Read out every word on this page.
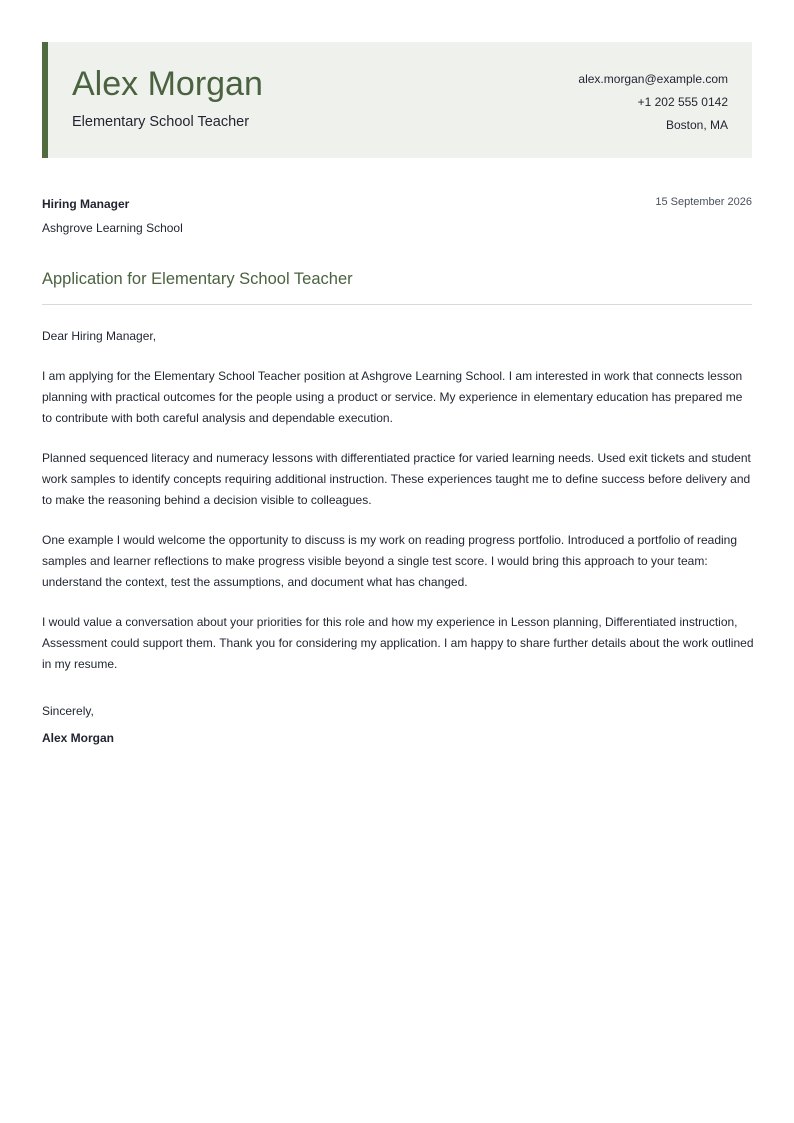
Alex Morgan
Elementary School Teacher
alex.morgan@example.com
+1 202 555 0142
Boston, MA
Hiring Manager
Ashgrove Learning School
15 September 2026
Application for Elementary School Teacher

Dear Hiring Manager,

I am applying for the Elementary School Teacher position at Ashgrove Learning School. I am interested in work that connects lesson planning with practical outcomes for the people using a product or service. My experience in elementary education has prepared me to contribute with both careful analysis and dependable execution.

Planned sequenced literacy and numeracy lessons with differentiated practice for varied learning needs. Used exit tickets and student work samples to identify concepts requiring additional instruction. These experiences taught me to define success before delivery and to make the reasoning behind a decision visible to colleagues.

One example I would welcome the opportunity to discuss is my work on reading progress portfolio. Introduced a portfolio of reading samples and learner reflections to make progress visible beyond a single test score. I would bring this approach to your team: understand the context, test the assumptions, and document what has changed.

I would value a conversation about your priorities for this role and how my experience in Lesson planning, Differentiated instruction, Assessment could support them. Thank you for considering my application. I am happy to share further details about the work outlined in my resume.

Sincerely,
Alex Morgan
